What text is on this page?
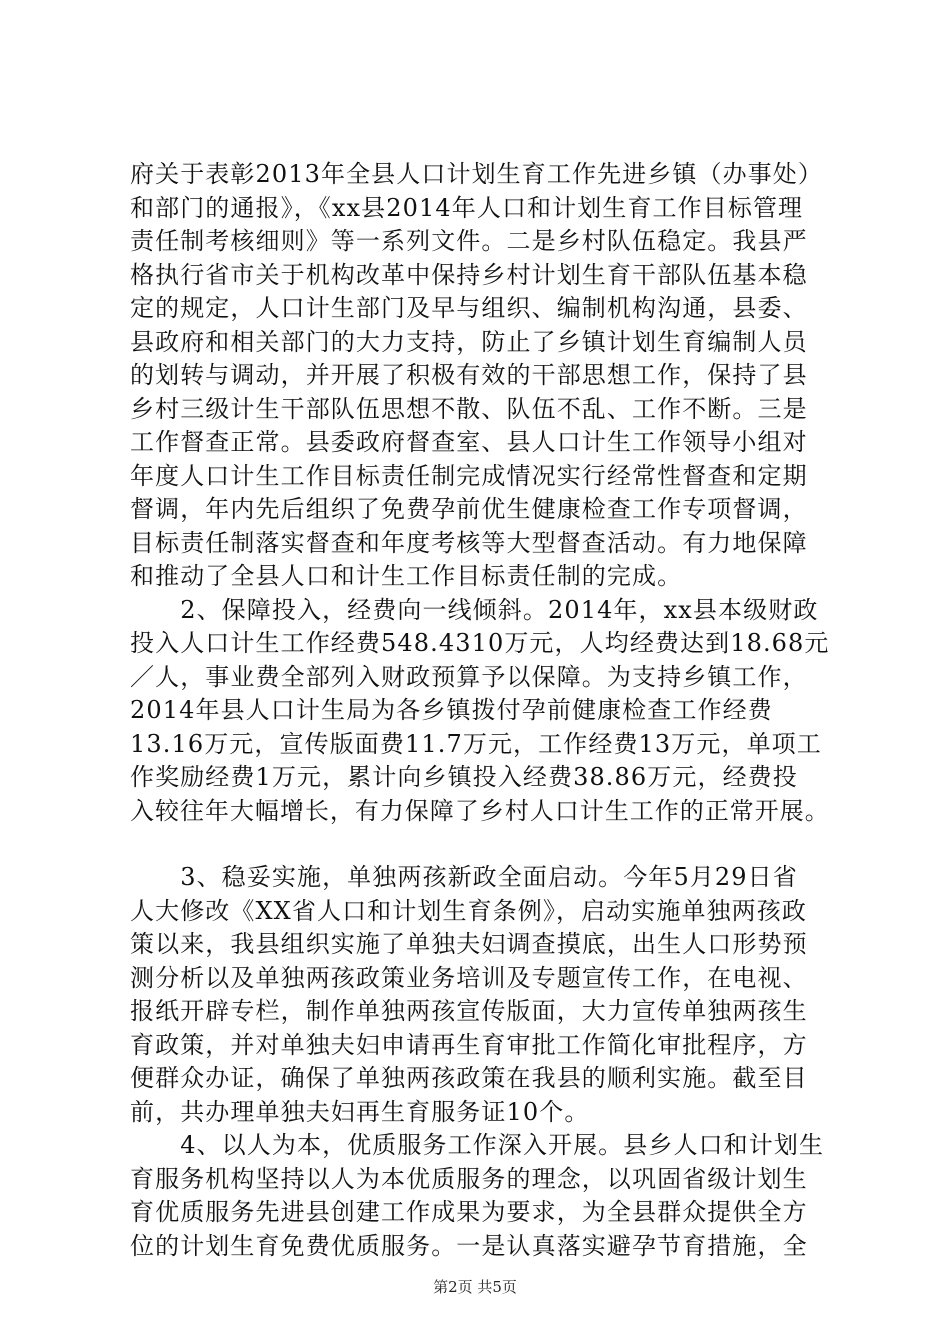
府关于表彰2013年全县人口计划生育工作先进乡镇（办事处）
和部门的通报》，《xx县2014年人口和计划生育工作目标管理
责任制考核细则》等一系列文件。二是乡村队伍稳定。我县严
格执行省市关于机构改革中保持乡村计划生育干部队伍基本稳
定的规定，人口计生部门及早与组织、编制机构沟通，县委、
县政府和相关部门的大力支持，防止了乡镇计划生育编制人员
的划转与调动，并开展了积极有效的干部思想工作，保持了县
乡村三级计生干部队伍思想不散、队伍不乱、工作不断。三是
工作督查正常。县委政府督查室、县人口计生工作领导小组对
年度人口计生工作目标责任制完成情况实行经常性督查和定期
督调，年内先后组织了免费孕前优生健康检查工作专项督调，
目标责任制落实督查和年度考核等大型督查活动。有力地保障
和推动了全县人口和计生工作目标责任制的完成。
　　2、保障投入，经费向一线倾斜。2014年，xx县本级财政
投入人口计生工作经费548.4310万元，人均经费达到18.68元
／人，事业费全部列入财政预算予以保障。为支持乡镇工作，
2014年县人口计生局为各乡镇拨付孕前健康检查工作经费
13.16万元，宣传版面费11.7万元，工作经费13万元，单项工
作奖励经费1万元，累计向乡镇投入经费38.86万元，经费投
入较往年大幅增长，有力保障了乡村人口计生工作的正常开展。
　　3、稳妥实施，单独两孩新政全面启动。今年5月29日省
人大修改《XX省人口和计划生育条例》，启动实施单独两孩政
策以来，我县组织实施了单独夫妇调查摸底，出生人口形势预
测分析以及单独两孩政策业务培训及专题宣传工作，在电视、
报纸开辟专栏，制作单独两孩宣传版面，大力宣传单独两孩生
育政策，并对单独夫妇申请再生育审批工作简化审批程序，方
便群众办证，确保了单独两孩政策在我县的顺利实施。截至目
前，共办理单独夫妇再生育服务证10个。
　　4、以人为本，优质服务工作深入开展。县乡人口和计划生
育服务机构坚持以人为本优质服务的理念，以巩固省级计划生
育优质服务先进县创建工作成果为要求，为全县群众提供全方
位的计划生育免费优质服务。一是认真落实避孕节育措施，全
第2页 共5页
